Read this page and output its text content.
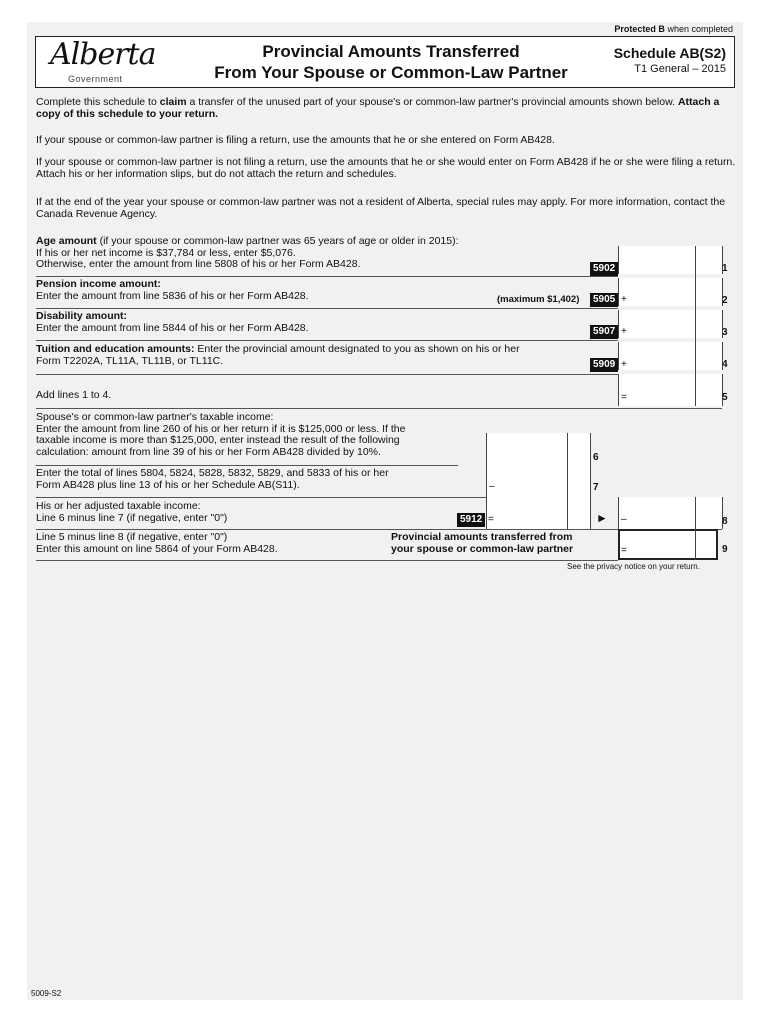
Protected B when completed
Alberta
Government
Provincial Amounts Transferred
From Your Spouse or Common-Law Partner
Schedule AB(S2)
T1 General – 2015
Complete this schedule to claim a transfer of the unused part of your spouse's or common-law partner's provincial amounts shown below. Attach a copy of this schedule to your return.
If your spouse or common-law partner is filing a return, use the amounts that he or she entered on Form AB428.
If your spouse or common-law partner is not filing a return, use the amounts that he or she would enter on Form AB428 if he or she were filing a return. Attach his or her information slips, but do not attach the return and schedules.
If at the end of the year your spouse or common-law partner was not a resident of Alberta, special rules may apply. For more information, contact the Canada Revenue Agency.
Age amount (if your spouse or common-law partner was 65 years of age or older in 2015):
If his or her net income is $37,784 or less, enter $5,076.
Otherwise, enter the amount from line 5808 of his or her Form AB428.	5902	1
Pension income amount:
Enter the amount from line 5836 of his or her Form AB428.	(maximum $1,402)	5905 +	2
Disability amount:
Enter the amount from line 5844 of his or her Form AB428.	5907 +	3
Tuition and education amounts: Enter the provincial amount designated to you as shown on his or her
Form T2202A, TL11A, TL11B, or TL11C.	5909 +	4
Add lines 1 to 4.	=	5
Spouse's or common-law partner's taxable income:
Enter the amount from line 260 of his or her return if it is $125,000 or less. If the
taxable income is more than $125,000, enter instead the result of the following
calculation: amount from line 39 of his or her Form AB428 divided by 10%.	6
Enter the total of lines 5804, 5824, 5828, 5832, 5829, and 5833 of his or her
Form AB428 plus line 13 of his or her Schedule AB(S11).	–	7
His or her adjusted taxable income:
Line 6 minus line 7 (if negative, enter "0")	5912 =	► –	8
Line 5 minus line 8 (if negative, enter "0")
Enter this amount on line 5864 of your Form AB428.
Provincial amounts transferred from
your spouse or common-law partner	=	9
See the privacy notice on your return.
5009-S2
